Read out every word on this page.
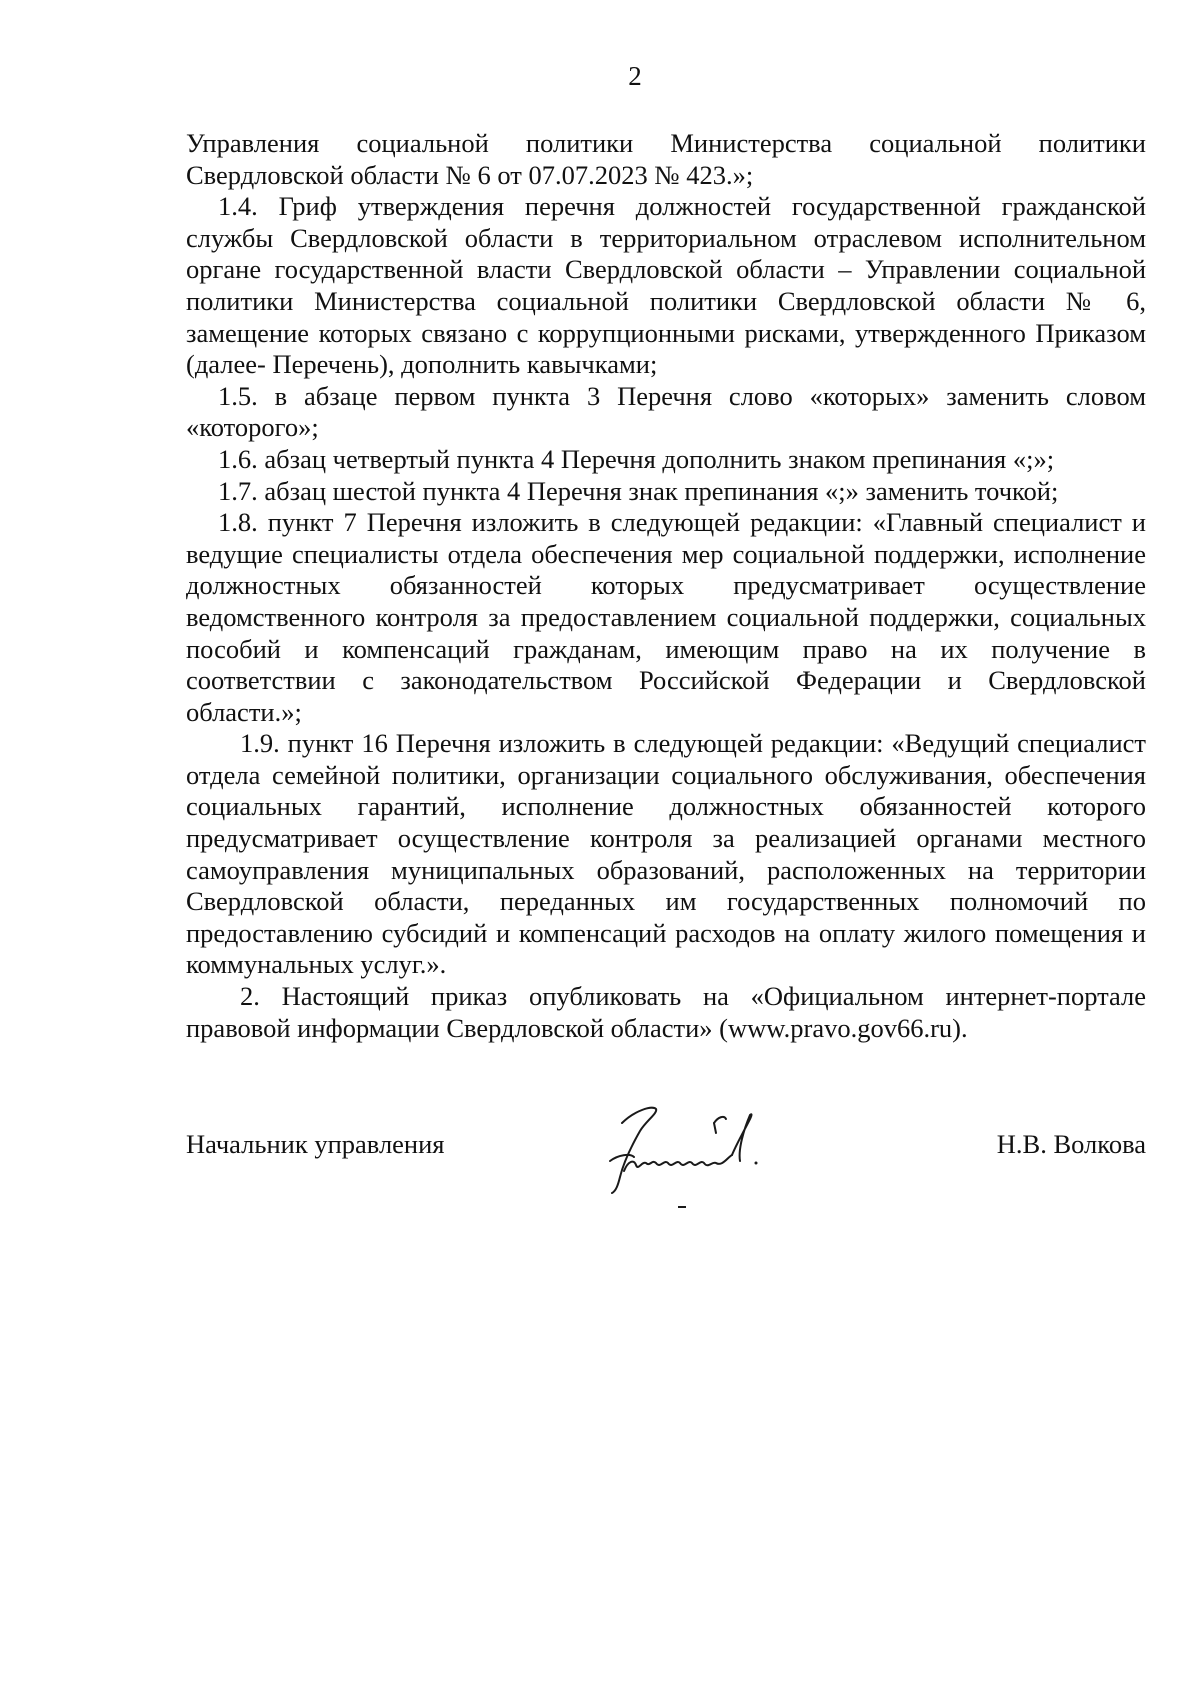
2

Управления социальной политики Министерства социальной политики Свердловской области № 6 от 07.07.2023 № 423.»;

1.4. Гриф утверждения перечня должностей государственной гражданской службы Свердловской области в территориальном отраслевом исполнительном органе государственной власти Свердловской области – Управлении социальной политики Министерства социальной политики Свердловской области № 6, замещение которых связано с коррупционными рисками, утвержденного Приказом (далее- Перечень), дополнить кавычками;

1.5. в абзаце первом пункта 3 Перечня слово «которых» заменить словом «которого»;

1.6. абзац четвертый пункта 4 Перечня дополнить знаком препинания «;»;

1.7. абзац шестой пункта 4 Перечня знак препинания «;» заменить точкой;

1.8. пункт 7 Перечня изложить в следующей редакции: «Главный специалист и ведущие специалисты отдела обеспечения мер социальной поддержки, исполнение должностных обязанностей которых предусматривает осуществление ведомственного контроля за предоставлением социальной поддержки, социальных пособий и компенсаций гражданам, имеющим право на их получение в соответствии с законодательством Российской Федерации и Свердловской области.»;

1.9. пункт 16 Перечня изложить в следующей редакции: «Ведущий специалист отдела семейной политики, организации социального обслуживания, обеспечения социальных гарантий, исполнение должностных обязанностей которого предусматривает осуществление контроля за реализацией органами местного самоуправления муниципальных образований, расположенных на территории Свердловской области, переданных им государственных полномочий по предоставлению субсидий и компенсаций расходов на оплату жилого помещения и коммунальных услуг.».

2. Настоящий приказ опубликовать на «Официальном интернет-портале правовой информации Свердловской области» (www.pravo.gov66.ru).

Начальник управления	Н.В. Волкова
